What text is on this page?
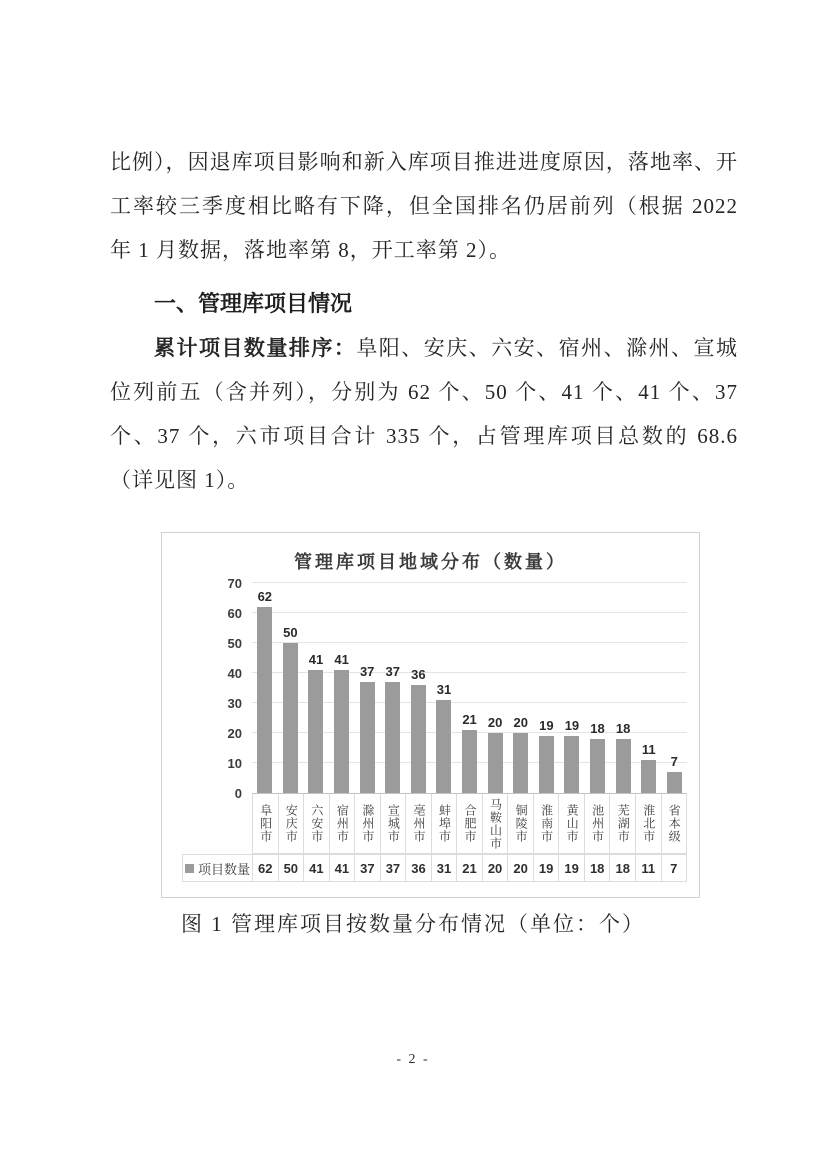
比例），因退库项目影响和新入库项目推进进度原因，落地率、开工率较三季度相比略有下降，但全国排名仍居前列（根据 2022 年 1 月数据，落地率第 8，开工率第 2）。

一、管理库项目情况

累计项目数量排序：阜阳、安庆、六安、宿州、滁州、宣城位列前五（含并列），分别为 62 个、50 个、41 个、41 个、37 个、37 个，六市项目合计 335 个，占管理库项目总数的 68.6（详见图 1）。

管理库项目地域分布（数量）
0
10
20
30
40
50
60
70
62
50
41 41
37 37 36
31
21 20 20 19 19 18 18
11
7
阜阳市 安庆市 六安市 宿州市 滁州市 宣城市 亳州市 蚌埠市 合肥市 马鞍山市 铜陵市 淮南市 黄山市 池州市 芜湖市 淮北市 省本级
项目数量 62 50 41 41 37 37 36 31 21 20 20 19 19 18 18 11	7
图 1 管理库项目按数量分布情况（单位：个）
- 2 -
